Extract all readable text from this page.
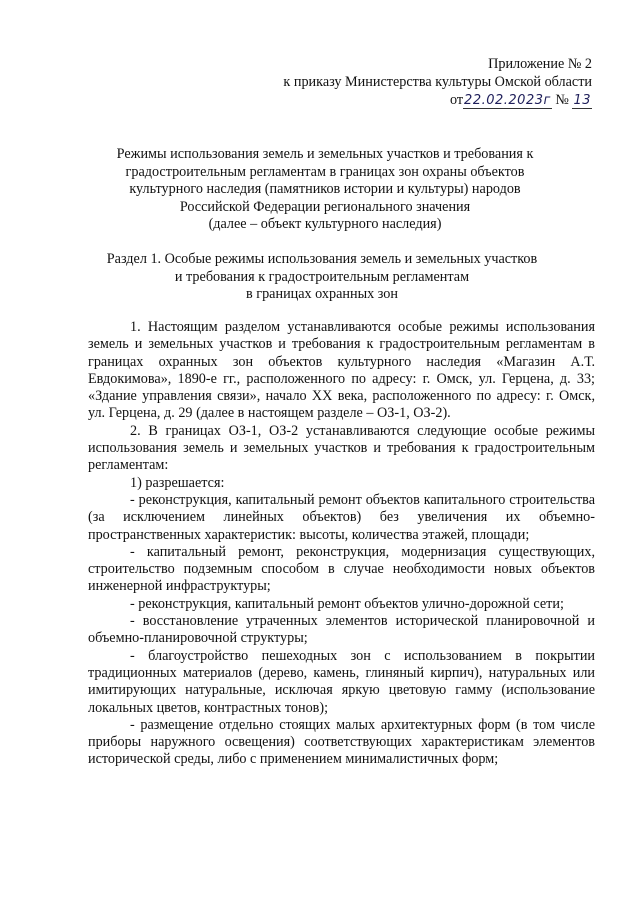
Приложение № 2
к приказу Министерства культуры Омской области
от22.02.2023г № 13
Режимы использования земель и земельных участков и требования к
градостроительным регламентам в границах зон охраны объектов
культурного наследия (памятников истории и культуры) народов
Российской Федерации регионального значения
(далее – объект культурного наследия)
Раздел 1. Особые режимы использования земель и земельных участков
и требования к градостроительным регламентам
в границах охранных зон

1. Настоящим разделом устанавливаются особые режимы использования земель и земельных участков и требования к градостроительным регламентам в границах охранных зон объектов культурного наследия «Магазин А.Т. Евдокимова», 1890-е гг., расположенного по адресу: г. Омск, ул. Герцена, д. 33; «Здание управления связи», начало XX века, расположенного по адресу: г. Омск, ул. Герцена, д. 29 (далее в настоящем разделе – ОЗ-1, ОЗ-2).

2. В границах ОЗ-1, ОЗ-2 устанавливаются следующие особые режимы использования земель и земельных участков и требования к градостроительным регламентам:

1) разрешается:

- реконструкция, капитальный ремонт объектов капитального строительства (за исключением линейных объектов) без увеличения их объемно-пространственных характеристик: высоты, количества этажей, площади;

- капитальный ремонт, реконструкция, модернизация существующих, строительство подземным способом в случае необходимости новых объектов инженерной инфраструктуры;

- реконструкция, капитальный ремонт объектов улично-дорожной сети;

- восстановление утраченных элементов исторической планировочной и объемно-планировочной структуры;

- благоустройство пешеходных зон с использованием в покрытии традиционных материалов (дерево, камень, глиняный кирпич), натуральных или имитирующих натуральные, исключая яркую цветовую гамму (использование локальных цветов, контрастных тонов);

- размещение отдельно стоящих малых архитектурных форм (в том числе приборы наружного освещения) соответствующих характеристикам элементов исторической среды, либо с применением минималистичных форм;
